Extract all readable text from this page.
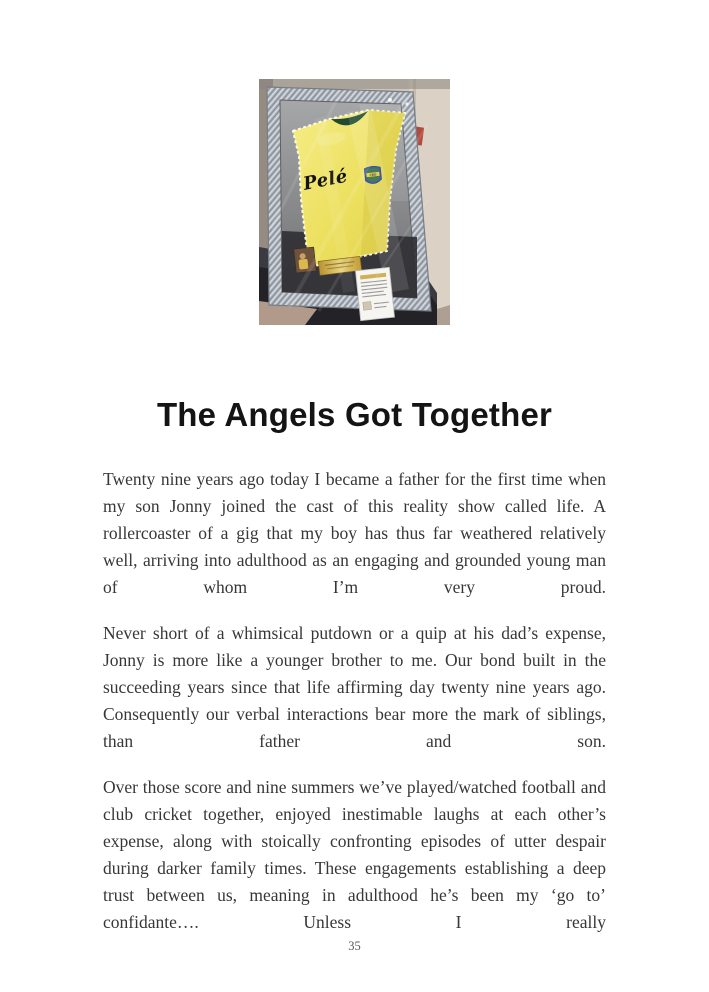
Pelé	CBD
The Angels Got Together

Twenty nine years ago today I became a father for the first time when my son Jonny joined the cast of this reality show called life. A rollercoaster of a gig that my boy has thus far weathered relatively well, arriving into adulthood as an engaging and grounded young man of whom I’m very proud.

Never short of a whimsical putdown or a quip at his dad’s expense, Jonny is more like a younger brother to me. Our bond built in the succeeding years since that life affirming day twenty nine years ago. Consequently our verbal interactions bear more the mark of siblings, than father and son.

Over those score and nine summers we’ve played/watched football and club cricket together, enjoyed inestimable laughs at each other’s expense, along with stoically confronting episodes of utter despair during darker family times. These engagements establishing a deep trust between us, meaning in adulthood he’s been my ‘go to’ confidante…. Unless I really

35
